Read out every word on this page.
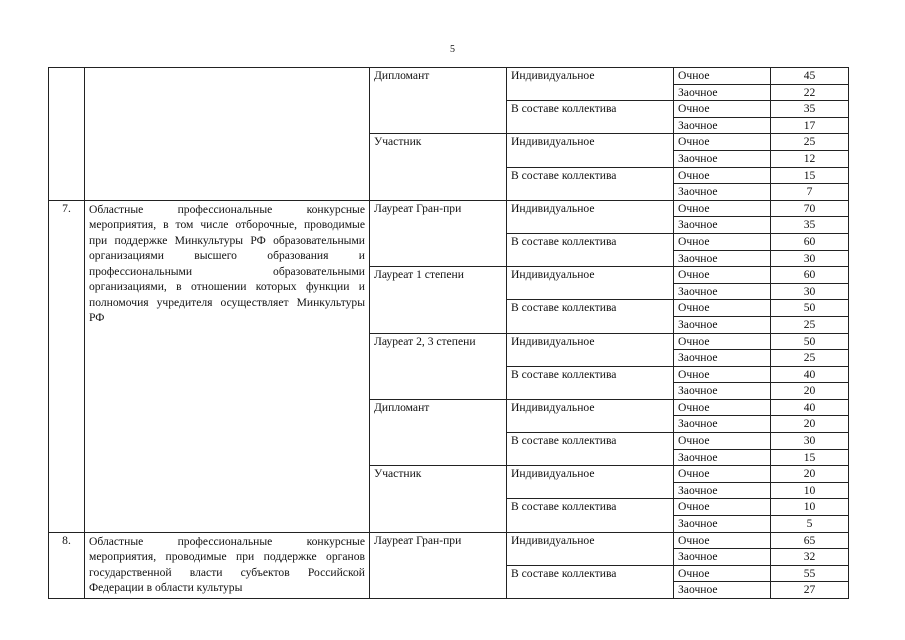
5
		Дипломант	Индивидуальное	Очное	45
				Заочное	22
			В составе коллектива	Очное	35
				Заочное	17
		Участник	Индивидуальное	Очное	25
				Заочное	12
			В составе коллектива	Очное	15
				Заочное	7
7.	Областные профессиональные конкурсные мероприятия, в том числе отборочные, проводимые при поддержке Минкультуры РФ образовательными организациями высшего образования и профессиональными образовательными организациями, в отношении которых функции и полномочия учредителя осуществляет Минкультуры РФ	Лауреат Гран-при	Индивидуальное	Очное	70
				Заочное	35
			В составе коллектива	Очное	60
				Заочное	30
		Лауреат 1 степени	Индивидуальное	Очное	60
				Заочное	30
			В составе коллектива	Очное	50
				Заочное	25
		Лауреат 2, 3 степени	Индивидуальное	Очное	50
				Заочное	25
			В составе коллектива	Очное	40
				Заочное	20
		Дипломант	Индивидуальное	Очное	40
				Заочное	20
			В составе коллектива	Очное	30
				Заочное	15
		Участник	Индивидуальное	Очное	20
				Заочное	10
			В составе коллектива	Очное	10
				Заочное	5
8.	Областные профессиональные конкурсные мероприятия, проводимые при поддержке органов государственной власти субъектов Российской Федерации в области культуры	Лауреат Гран-при	Индивидуальное	Очное	65
				Заочное	32
			В составе коллектива	Очное	55
				Заочное	27
